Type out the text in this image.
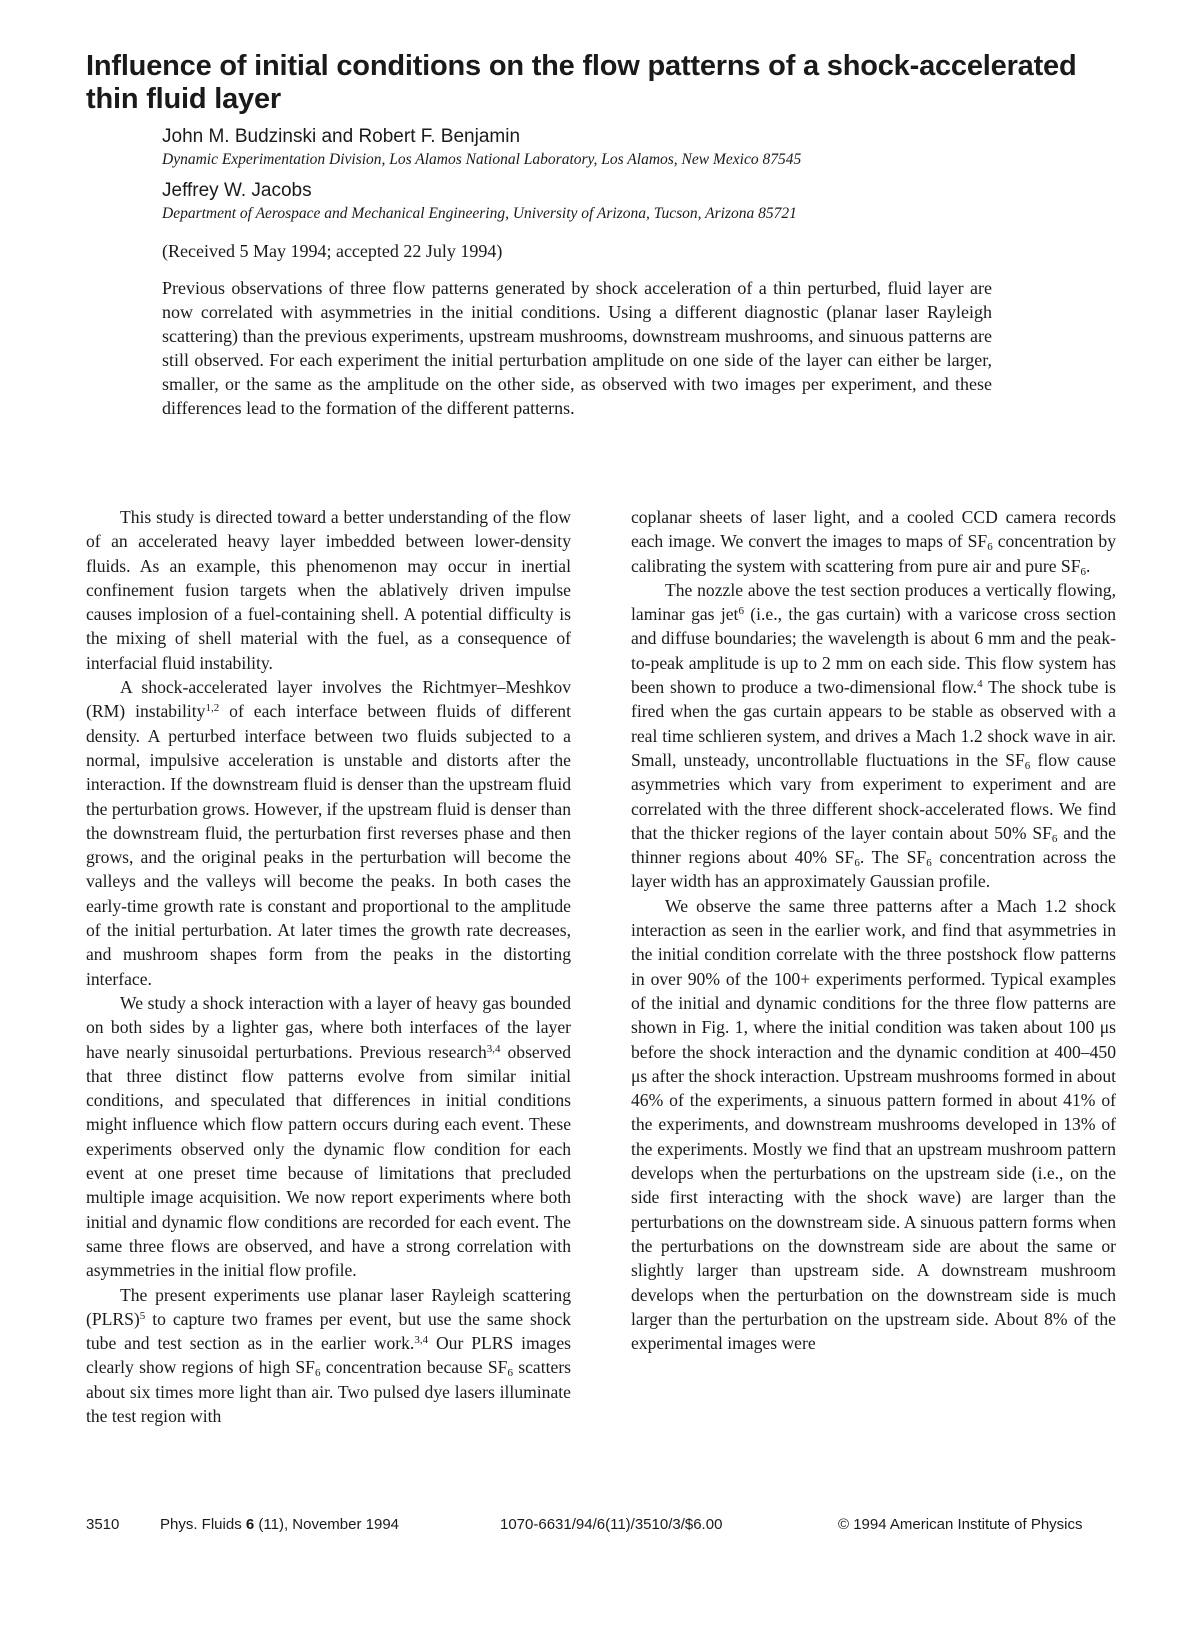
Influence of initial conditions on the flow patterns of a shock-accelerated thin fluid layer
John M. Budzinski and Robert F. Benjamin
Dynamic Experimentation Division, Los Alamos National Laboratory, Los Alamos, New Mexico 87545
Jeffrey W. Jacobs
Department of Aerospace and Mechanical Engineering, University of Arizona, Tucson, Arizona 85721
(Received 5 May 1994; accepted 22 July 1994)

Previous observations of three flow patterns generated by shock acceleration of a thin perturbed, fluid layer are now correlated with asymmetries in the initial conditions. Using a different diagnostic (planar laser Rayleigh scattering) than the previous experiments, upstream mushrooms, downstream mushrooms, and sinuous patterns are still observed. For each experiment the initial perturbation amplitude on one side of the layer can either be larger, smaller, or the same as the amplitude on the other side, as observed with two images per experiment, and these differences lead to the formation of the different patterns.

This study is directed toward a better understanding of the flow of an accelerated heavy layer imbedded between lower-density fluids. As an example, this phenomenon may occur in inertial confinement fusion targets when the ablatively driven impulse causes implosion of a fuel-containing shell. A potential difficulty is the mixing of shell material with the fuel, as a consequence of interfacial fluid instability.

A shock-accelerated layer involves the Richtmyer–Meshkov (RM) instability$^{1,2}$ of each interface between fluids of different density. A perturbed interface between two fluids subjected to a normal, impulsive acceleration is unstable and distorts after the interaction. If the downstream fluid is denser than the upstream fluid the perturbation grows. However, if the upstream fluid is denser than the downstream fluid, the perturbation first reverses phase and then grows, and the original peaks in the perturbation will become the valleys and the valleys will become the peaks. In both cases the early-time growth rate is constant and proportional to the amplitude of the initial perturbation. At later times the growth rate decreases, and mushroom shapes form from the peaks in the distorting interface.

We study a shock interaction with a layer of heavy gas bounded on both sides by a lighter gas, where both interfaces of the layer have nearly sinusoidal perturbations. Previous research$^{3,4}$ observed that three distinct flow patterns evolve from similar initial conditions, and speculated that differences in initial conditions might influence which flow pattern occurs during each event. These experiments observed only the dynamic flow condition for each event at one preset time because of limitations that precluded multiple image acquisition. We now report experiments where both initial and dynamic flow conditions are recorded for each event. The same three flows are observed, and have a strong correlation with asymmetries in the initial flow profile.

The present experiments use planar laser Rayleigh scattering (PLRS)$^5$ to capture two frames per event, but use the same shock tube and test section as in the earlier work.$^{3,4}$ Our PLRS images clearly show regions of high $SF_6$ concentration because $SF_6$ scatters about six times more light than air. Two pulsed dye lasers illuminate the test region with

coplanar sheets of laser light, and a cooled CCD camera records each image. We convert the images to maps of $SF_6$ concentration by calibrating the system with scattering from pure air and pure $SF_6$.

The nozzle above the test section produces a vertically flowing, laminar gas jet$^6$ (i.e., the gas curtain) with a varicose cross section and diffuse boundaries; the wavelength is about 6 mm and the peak-to-peak amplitude is up to 2 mm on each side. This flow system has been shown to produce a two-dimensional flow.$^4$ The shock tube is fired when the gas curtain appears to be stable as observed with a real time schlieren system, and drives a Mach 1.2 shock wave in air. Small, unsteady, uncontrollable fluctuations in the $SF_6$ flow cause asymmetries which vary from experiment to experiment and are correlated with the three different shock-accelerated flows. We find that the thicker regions of the layer contain about 50% $SF_6$ and the thinner regions about 40% $SF_6$. The $SF_6$ concentration across the layer width has an approximately Gaussian profile.

We observe the same three patterns after a Mach 1.2 shock interaction as seen in the earlier work, and find that asymmetries in the initial condition correlate with the three postshock flow patterns in over 90% of the 100+ experiments performed. Typical examples of the initial and dynamic conditions for the three flow patterns are shown in Fig. 1, where the initial condition was taken about 100 μs before the shock interaction and the dynamic condition at 400–450 μs after the shock interaction. Upstream mushrooms formed in about 46% of the experiments, a sinuous pattern formed in about 41% of the experiments, and downstream mushrooms developed in 13% of the experiments. Mostly we find that an upstream mushroom pattern develops when the perturbations on the upstream side (i.e., on the side first interacting with the shock wave) are larger than the perturbations on the downstream side. A sinuous pattern forms when the perturbations on the downstream side are about the same or slightly larger than upstream side. A downstream mushroom develops when the perturbation on the downstream side is much larger than the perturbation on the upstream side. About 8% of the experimental images were

3510	Phys. Fluids 6 (11), November 1994	1070-6631/94/6(11)/3510/3/$6.00	© 1994 American Institute of Physics
